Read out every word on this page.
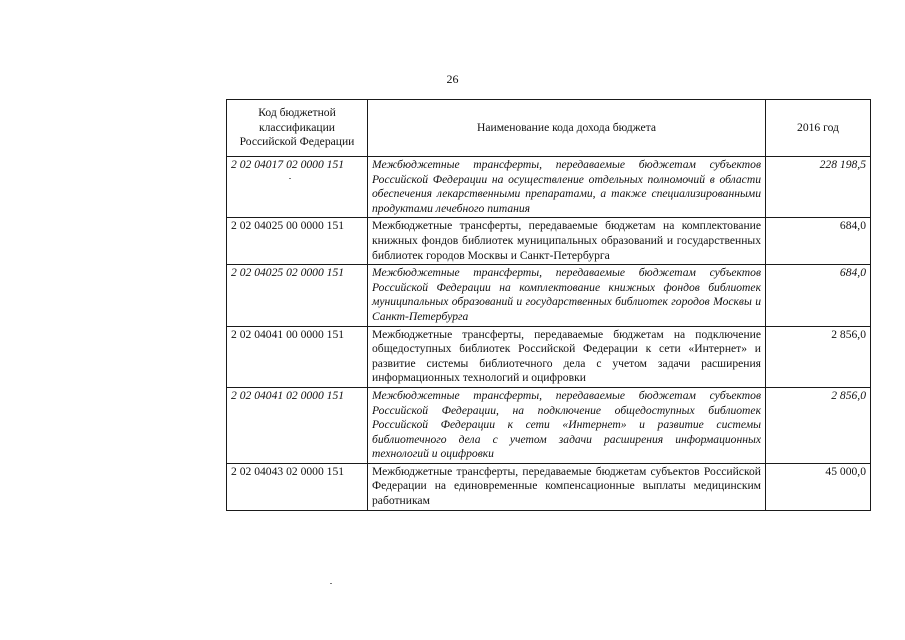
26
Код бюджетной классификации Российской Федерации	Наименование кода дохода бюджета	2016 год
2 02 04017 02 0000 151	Межбюджетные трансферты, передаваемые бюджетам субъектов Российской Федерации на осуществление отдельных полномочий в области обеспечения лекарственными препаратами, а также специализированными продуктами лечебного питания	228 198,5
2 02 04025 00 0000 151	Межбюджетные трансферты, передаваемые бюджетам на комплектование книжных фондов библиотек муниципальных образований и государственных библиотек городов Москвы и Санкт-Петербурга	684,0
2 02 04025 02 0000 151	Межбюджетные трансферты, передаваемые бюджетам субъектов Российской Федерации на комплектование книжных фондов библиотек муниципальных образований и государственных библиотек городов Москвы и Санкт-Петербурга	684,0
2 02 04041 00 0000 151	Межбюджетные трансферты, передаваемые бюджетам на подключение общедоступных библиотек Российской Федерации к сети «Интернет» и развитие системы библиотечного дела с учетом задачи расширения информационных технологий и оцифровки	2 856,0
2 02 04041 02 0000 151	Межбюджетные трансферты, передаваемые бюджетам субъектов Российской Федерации, на подключение общедоступных библиотек Российской Федерации к сети «Интернет» и развитие системы библиотечного дела с учетом задачи расширения информационных технологий и оцифровки	2 856,0
2 02 04043 02 0000 151	Межбюджетные трансферты, передаваемые бюджетам субъектов Российской Федерации на единовременные компенсационные выплаты медицинским работникам	45 000,0
